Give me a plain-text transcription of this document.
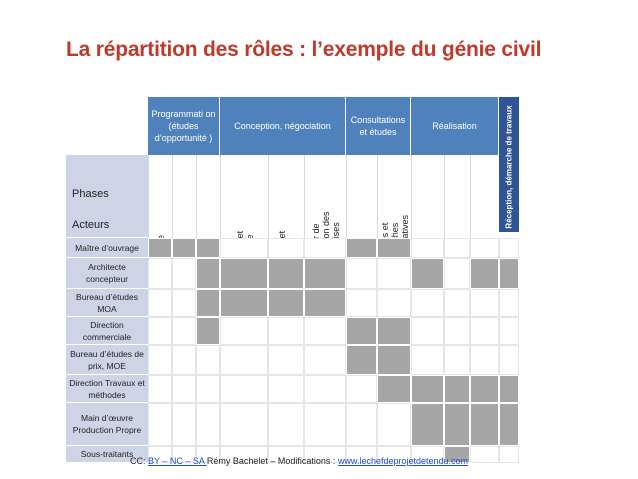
La répartition des rôles : l’exemple du génie civil
Programmati on (études d’opportunité )
Conception, négociation
Consultations et études
Réalisation	Réception, démarche de travaux
Phases
Acteurs
Maître d’ouvrage
Architecte concepteur
Bureau d’études MOA
Direction commerciale
Bureau d’études de prix, MOE
Direction Travaux et méthodes
Main d’œuvre Production Propre
Sous-traitants
CC: BY – NC – SA Rémy Bachelet – Modifications : www.lechefdeprojetdetendu.com
